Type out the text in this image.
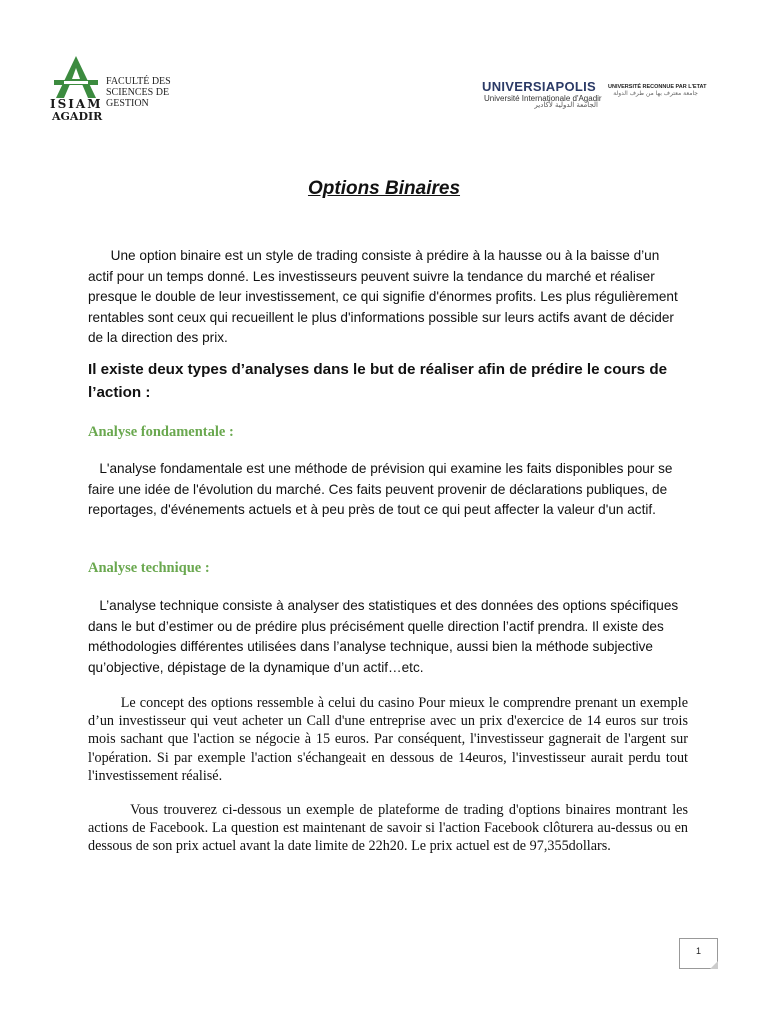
ISIAM
AGADIR
FACULTÉ DES
SCIENCES DE GESTION
UNIVERSIAPOLIS
Université Internationale d'Agadir
الجامعة الدولية لأكادير
UNIVERSITÉ RECONNUE PAR L'ETAT
جامعة معترف بها من طرف الدولة
Options Binaires
Une option binaire est un style de trading consiste à prédire à la hausse ou à la baisse d’un actif pour un temps donné. Les investisseurs peuvent suivre la tendance du marché et réaliser presque le double de leur investissement, ce qui signifie d'énormes profits. Les plus régulièrement rentables sont ceux qui recueillent le plus d'informations possible sur leurs actifs avant de décider de la direction des prix.
Il existe deux types d’analyses dans le but de réaliser afin de prédire le cours de l’action :
Analyse fondamentale :
L'analyse fondamentale est une méthode de prévision qui examine les faits disponibles pour se faire une idée de l'évolution du marché. Ces faits peuvent provenir de déclarations publiques, de reportages, d'événements actuels et à peu près de tout ce qui peut affecter la valeur d'un actif.
Analyse technique :
L’analyse technique consiste à analyser des statistiques et des données des options spécifiques dans le but d’estimer ou de prédire plus précisément quelle direction l’actif prendra. Il existe des méthodologies différentes utilisées dans l’analyse technique, aussi bien la méthode subjective qu’objective, dépistage de la dynamique d’un actif…etc.
Le concept des options ressemble à celui du casino Pour mieux le comprendre prenant un exemple d’un investisseur qui veut acheter un Call d'une entreprise avec un prix d'exercice de 14 euros sur trois mois sachant que l'action se négocie à 15 euros. Par conséquent, l'investisseur gagnerait de l'argent sur l'opération. Si par exemple l'action s'échangeait en dessous de 14euros, l'investisseur aurait perdu tout l'investissement réalisé.
Vous trouverez ci-dessous un exemple de plateforme de trading d'options binaires montrant les actions de Facebook. La question est maintenant de savoir si l'action Facebook clôturera au-dessus ou en dessous de son prix actuel avant la date limite de 22h20. Le prix actuel est de 97,355dollars.
1
